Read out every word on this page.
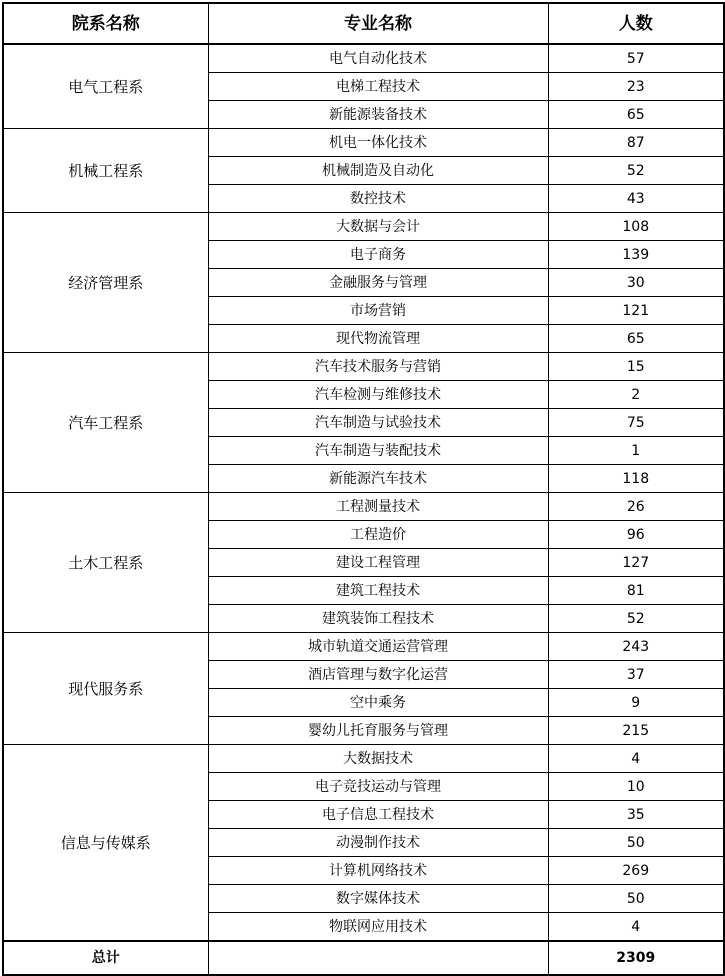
院系名称	专业名称	人数
电气工程系	电气自动化技术	57
	电梯工程技术	23
	新能源装备技术	65
机械工程系	机电一体化技术	87
	机械制造及自动化	52
	数控技术	43
经济管理系	大数据与会计	108
	电子商务	139
	金融服务与管理	30
	市场营销	121
	现代物流管理	65
汽车工程系	汽车技术服务与营销	15
	汽车检测与维修技术	2
	汽车制造与试验技术	75
	汽车制造与装配技术	1
	新能源汽车技术	118
土木工程系	工程测量技术	26
	工程造价	96
	建设工程管理	127
	建筑工程技术	81
	建筑装饰工程技术	52
现代服务系	城市轨道交通运营管理	243
	酒店管理与数字化运营	37
	空中乘务	9
	婴幼儿托育服务与管理	215
信息与传媒系	大数据技术	4
	电子竞技运动与管理	10
	电子信息工程技术	35
	动漫制作技术	50
	计算机网络技术	269
	数字媒体技术	50
	物联网应用技术	4
总计		2309
